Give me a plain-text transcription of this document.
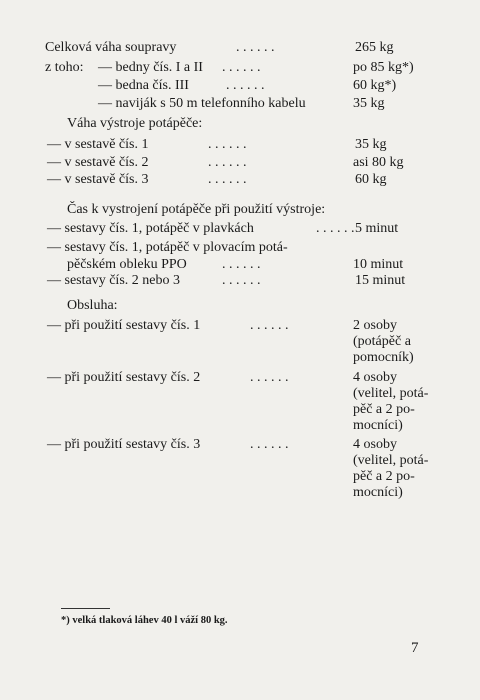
Celková váha soupravy	. . . . . .	265 kg
z toho: — bedny čís. I a II . . . . . .	po 85 kg*)
— bedna čís. III	. . . . . .	60 kg*)
— naviják s 50 m telefonního kabelu	35 kg
Váha výstroje potápěče:
— v sestavě čís. 1	. . . . . .	35 kg
— v sestavě čís. 2	. . . . . .	asi 80 kg
— v sestavě čís. 3	. . . . . .	60 kg
Čas k vystrojení potápěče při použití výstroje:
— sestavy čís. 1, potápěč v plavkách	. . . . . . 5 minut
— sestavy čís. 1, potápěč v plovacím potá-
pěčském obleku PPO	. . . . . .	10 minut
— sestavy čís. 2 nebo 3	. . . . . .	15 minut
Obsluha:
— při použití sestavy čís. 1	. . . . . .	2 osoby
(potápěč a
pomocník)
— při použití sestavy čís. 2	. . . . . .	4 osoby
(velitel, potá-
pěč a 2 po-
mocníci)
— při použití sestavy čís. 3	. . . . . .	4 osoby
(velitel, potá-
pěč a 2 po-
mocníci)
*) velká tlaková láhev 40 l váží 80 kg.
7
